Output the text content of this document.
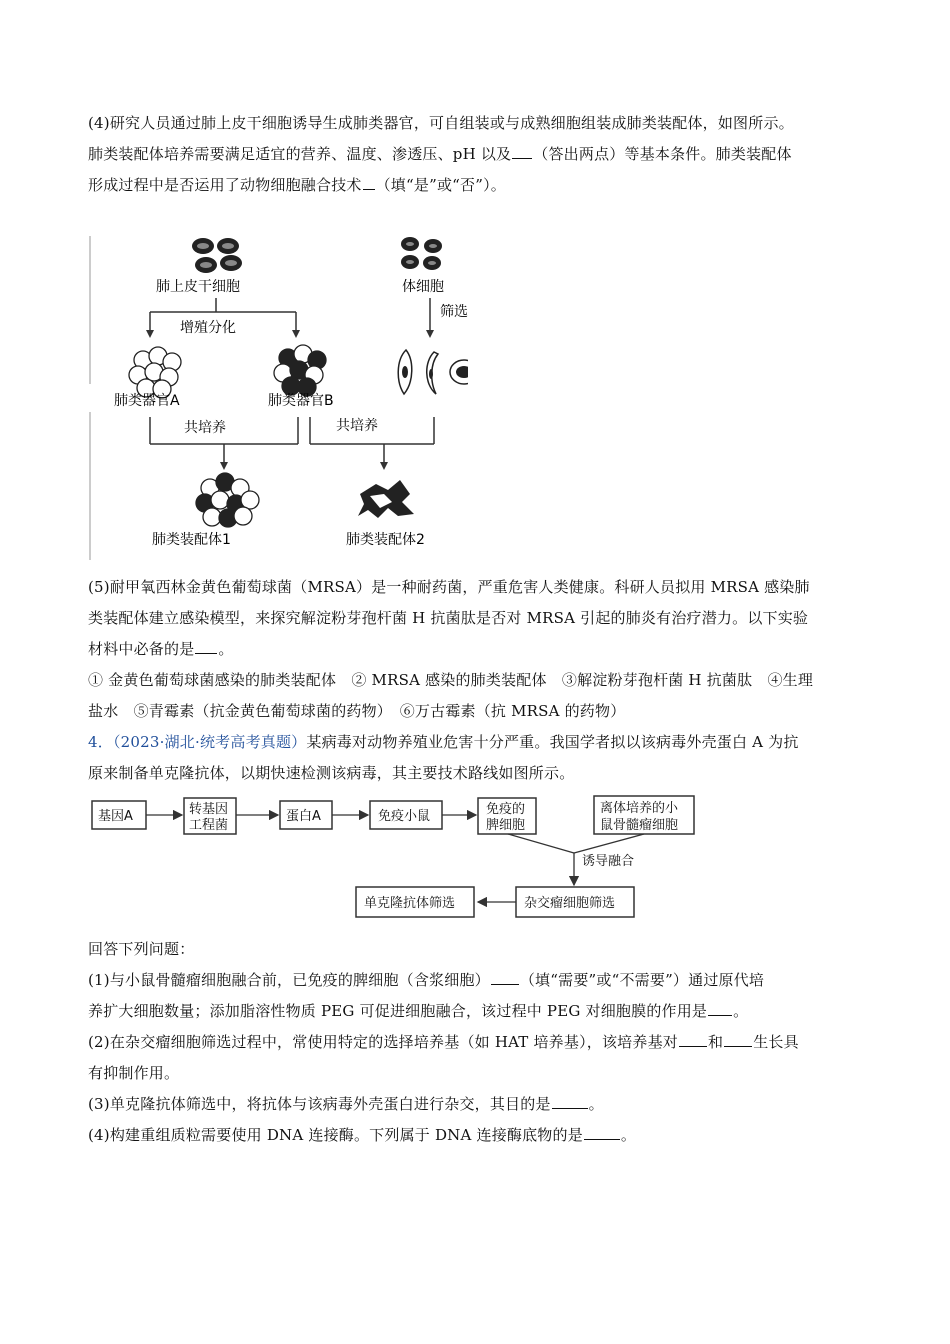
(4)研究人员通过肺上皮干细胞诱导生成肺类器官，可自组装或与成熟细胞组装成肺类装配体，如图所示。

肺类装配体培养需要满足适宜的营养、温度、渗透压、pH 以及 （答出两点）等基本条件。肺类装配体

形成过程中是否运用了动物细胞融合技术 （填“是”或“否”）。

肺上皮干细胞	体细胞
筛选
增殖分化
肺类器官A	肺类器官B
共培养	共培养
肺类装配体1	肺类装配体2

(5)耐甲氧西林金黄色葡萄球菌（MRSA）是一种耐药菌，严重危害人类健康。科研人员拟用 MRSA 感染肺

类装配体建立感染模型，来探究解淀粉芽孢杆菌 H 抗菌肽是否对 MRSA 引起的肺炎有治疗潜力。以下实验

材料中必备的是 。

① 金黄色葡萄球菌感染的肺类装配体　② MRSA 感染的肺类装配体　③解淀粉芽孢杆菌 H 抗菌肽　④生理

盐水　⑤青霉素（抗金黄色葡萄球菌的药物）　⑥万古霉素（抗 MRSA 的药物）

4．（2023·湖北·统考高考真题）某病毒对动物养殖业危害十分严重。我国学者拟以该病毒外壳蛋白 A 为抗

原来制备单克隆抗体，以期快速检测该病毒，其主要技术路线如图所示。

基因A	转基因
工程菌
蛋白A	免疫小鼠	免疫的
脾细胞
离体培养的小
鼠骨髓瘤细胞
诱导融合
杂交瘤细胞筛选
单克隆抗体筛选

回答下列问题：

(1)与小鼠骨髓瘤细胞融合前，已免疫的脾细胞（含浆细胞） （填“需要”或“不需要”）通过原代培

养扩大细胞数量；添加脂溶性物质 PEG 可促进细胞融合，该过程中 PEG 对细胞膜的作用是 。

(2)在杂交瘤细胞筛选过程中，常使用特定的选择培养基（如 HAT 培养基），该培养基对 和 生长具

有抑制作用。

(3)单克隆抗体筛选中，将抗体与该病毒外壳蛋白进行杂交，其目的是	。

(4)构建重组质粒需要使用 DNA 连接酶。下列属于 DNA 连接酶底物的是	。
